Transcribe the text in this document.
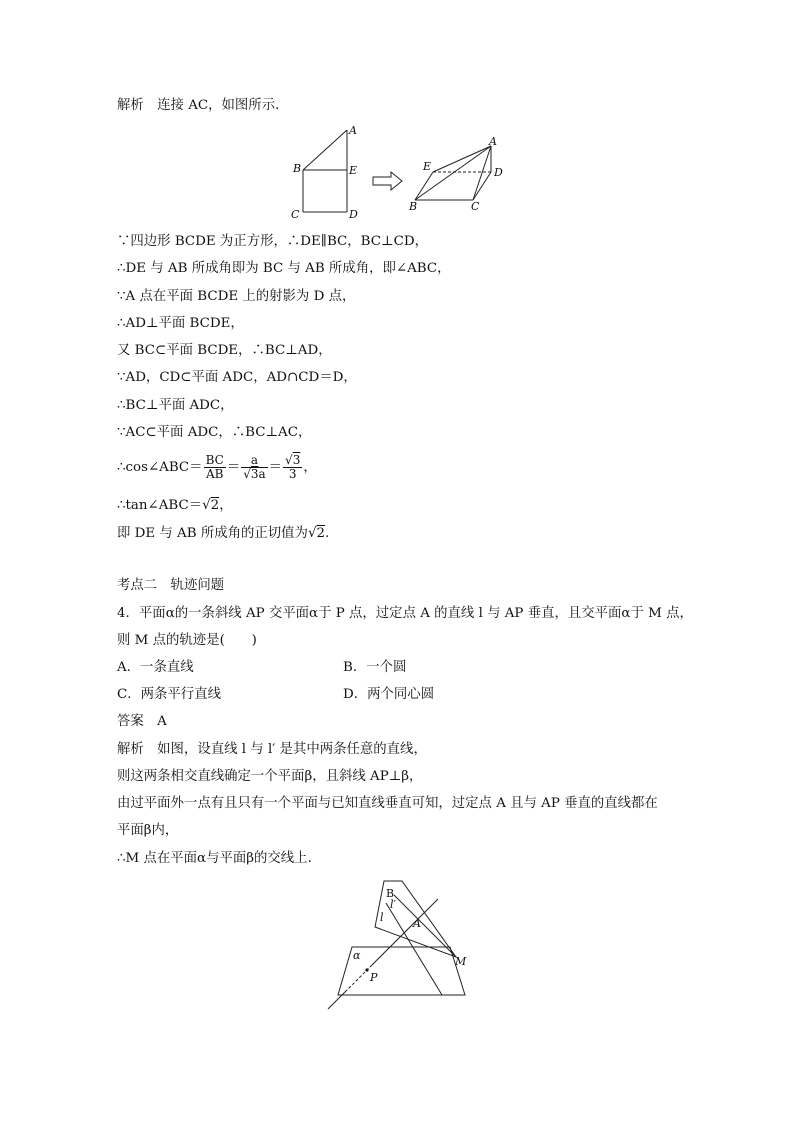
解析　 连接 AC，如图所示．
A
B	E
C	D
A
E	D
B	C
∵四边形 BCDE 为正方形，∴DE∥BC，BC⊥CD，
∴DE 与 AB 所成角即为 BC 与 AB 所成角，即∠ABC，
∵A 点在平面 BCDE 上的射影为 D 点，
∴AD⊥平面 BCDE，
又 BC⊂平面 BCDE，∴BC⊥AD，
∵AD，CD⊂平面 ADC，AD∩CD＝D，
∴BC⊥平面 ADC，
∵AC⊂平面 ADC，∴BC⊥AC，
∴cos∠ABC＝ $\frac{BC}{AB} = \frac{a}{√3a} = \frac{√3}{3}$ ，
∴tan∠ABC＝√2，
即 DE 与 AB 所成角的正切值为√2.
考点二　轨迹问题
4．平面α的一条斜线 AP 交平面α于 P 点，过定点 A 的直线 l 与 AP 垂直，且交平面α于 M 点，
则 M 点的轨迹是(　　)
A．一条直线	B．一个圆
C．两条平行直线	D．两个同心圆
答案　 A
解析　 如图，设直线 l 与 l′ 是其中两条任意的直线，
则这两条相交直线确定一个平面β，且斜线 AP⊥β，
由过平面外一点有且只有一个平面与已知直线垂直可知，过定点 A 且与 AP 垂直的直线都在
平面β内，
∴M 点在平面α与平面β的交线上．
B
l′
l	A
M
α
P
